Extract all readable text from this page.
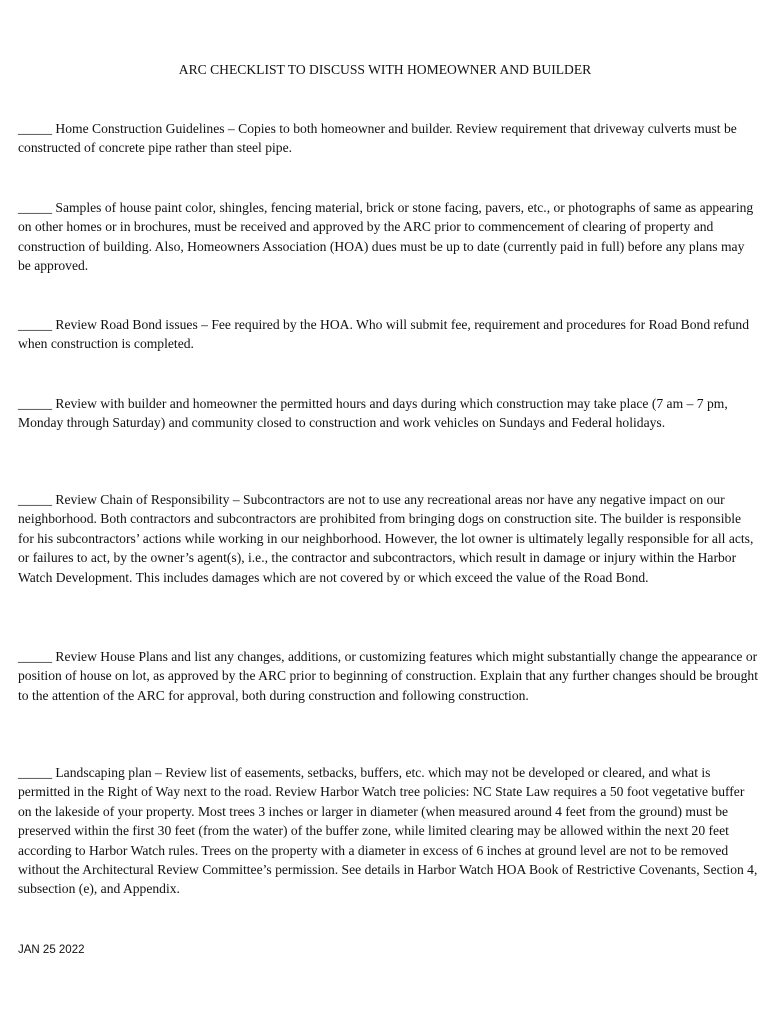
ARC CHECKLIST TO DISCUSS WITH HOMEOWNER AND BUILDER

_____ Home Construction Guidelines – Copies to both homeowner and builder. Review requirement that driveway culverts must be constructed of concrete pipe rather than steel pipe.

_____ Samples of house paint color, shingles, fencing material, brick or stone facing, pavers, etc., or photographs of same as appearing on other homes or in brochures, must be received and approved by the ARC prior to commencement of clearing of property and construction of building. Also, Homeowners Association (HOA) dues must be up to date (currently paid in full) before any plans may be approved.

_____ Review Road Bond issues – Fee required by the HOA. Who will submit fee, requirement and procedures for Road Bond refund when construction is completed.

_____ Review with builder and homeowner the permitted hours and days during which construction may take place (7 am – 7 pm, Monday through Saturday) and community closed to construction and work vehicles on Sundays and Federal holidays.

_____ Review Chain of Responsibility – Subcontractors are not to use any recreational areas nor have any negative impact on our neighborhood. Both contractors and subcontractors are prohibited from bringing dogs on construction site. The builder is responsible for his subcontractors’ actions while working in our neighborhood. However, the lot owner is ultimately legally responsible for all acts, or failures to act, by the owner’s agent(s), i.e., the contractor and subcontractors, which result in damage or injury within the Harbor Watch Development. This includes damages which are not covered by or which exceed the value of the Road Bond.

_____ Review House Plans and list any changes, additions, or customizing features which might substantially change the appearance or position of house on lot, as approved by the ARC prior to beginning of construction. Explain that any further changes should be brought to the attention of the ARC for approval, both during construction and following construction.

_____ Landscaping plan – Review list of easements, setbacks, buffers, etc. which may not be developed or cleared, and what is permitted in the Right of Way next to the road. Review Harbor Watch tree policies: NC State Law requires a 50 foot vegetative buffer on the lakeside of your property. Most trees 3 inches or larger in diameter (when measured around 4 feet from the ground) must be preserved within the first 30 feet (from the water) of the buffer zone, while limited clearing may be allowed within the next 20 feet according to Harbor Watch rules. Trees on the property with a diameter in excess of 6 inches at ground level are not to be removed without the Architectural Review Committee’s permission. See details in Harbor Watch HOA Book of Restrictive Covenants, Section 4, subsection (e), and Appendix.

JAN 25 2022
